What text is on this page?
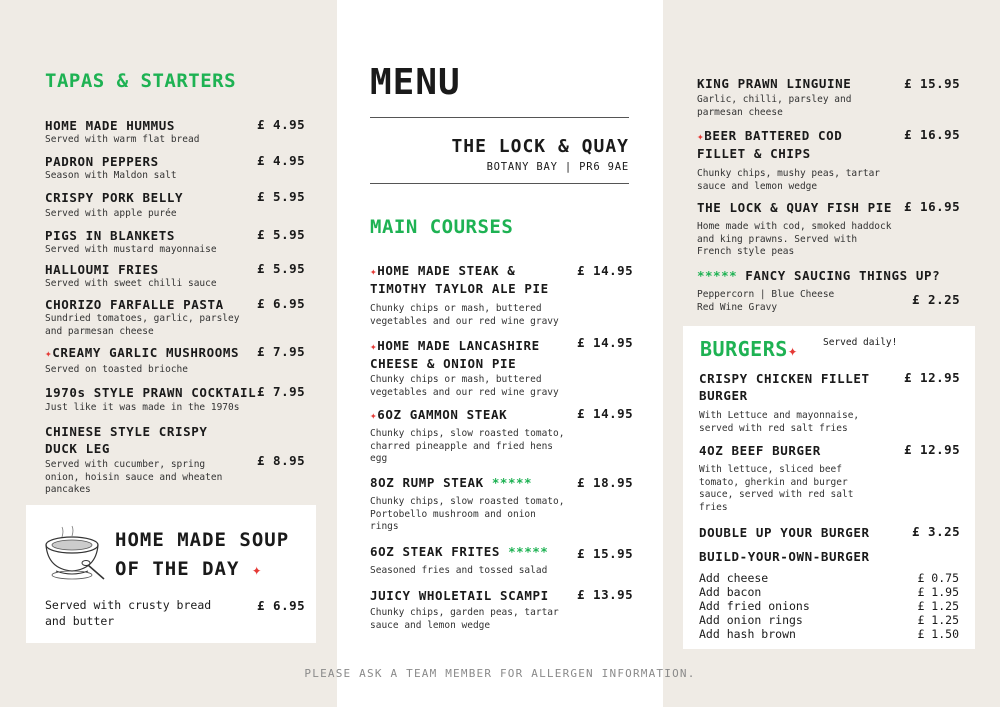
TAPAS & STARTERS
HOME MADE HUMMUS
Served with warm flat bread
£ 4.95
PADRON PEPPERS
Season with Maldon salt
£ 4.95
CRISPY PORK BELLY
Served with apple purée
£ 5.95
PIGS IN BLANKETS
Served with mustard mayonnaise
£ 5.95
HALLOUMI FRIES
Served with sweet chilli sauce
£ 5.95
CHORIZO FARFALLE PASTA
Sundried tomatoes, garlic, parsley and parmesan cheese
£ 6.95
✦CREAMY GARLIC MUSHROOMS
Served on toasted brioche
£ 7.95
1970s STYLE PRAWN COCKTAIL
Just like it was made in the 1970s
£ 7.95
CHINESE STYLE CRISPY DUCK LEG
Served with cucumber, spring onion, hoisin sauce and wheaten pancakes
£ 8.95
HOME MADE SOUP
OF THE DAY ✦
Served with crusty bread and butter
£ 6.95
MENU
THE LOCK & QUAY
BOTANY BAY | PR6 9AE
MAIN COURSES
✦HOME MADE STEAK & TIMOTHY TAYLOR ALE PIE
Chunky chips or mash, buttered vegetables and our red wine gravy
£ 14.95
✦HOME MADE LANCASHIRE CHEESE & ONION PIE
Chunky chips or mash, buttered vegetables and our red wine gravy
£ 14.95
✦6OZ GAMMON STEAK
Chunky chips, slow roasted tomato, charred pineapple and fried hens egg
£ 14.95
8OZ RUMP STEAK *****
Chunky chips, slow roasted tomato, Portobello mushroom and onion rings
£ 18.95
6OZ STEAK FRITES *****
Seasoned fries and tossed salad
£ 15.95
JUICY WHOLETAIL SCAMPI
Chunky chips, garden peas, tartar sauce and lemon wedge
£ 13.95
PLEASE ASK A TEAM MEMBER FOR ALLERGEN INFORMATION.
KING PRAWN LINGUINE
Garlic, chilli, parsley and parmesan cheese
£ 15.95
✦BEER BATTERED COD FILLET & CHIPS
Chunky chips, mushy peas, tartar sauce and lemon wedge
£ 16.95
THE LOCK & QUAY FISH PIE
Home made with cod, smoked haddock and king prawns. Served with French style peas
£ 16.95
***** FANCY SAUCING THINGS UP?
Peppercorn | Blue Cheese
Red Wine Gravy	£ 2.25
BURGERS✦	Served daily!
CRISPY CHICKEN FILLET BURGER
With Lettuce and mayonnaise, served with red salt fries
£ 12.95
4OZ BEEF BURGER
With lettuce, sliced beef tomato, gherkin and burger sauce, served with red salt fries
£ 12.95
DOUBLE UP YOUR BURGER	£ 3.25
BUILD-YOUR-OWN-BURGER
Add cheese	£ 0.75
Add bacon	£ 1.95
Add fried onions	£ 1.25
Add onion rings	£ 1.25
Add hash brown	£ 1.50
